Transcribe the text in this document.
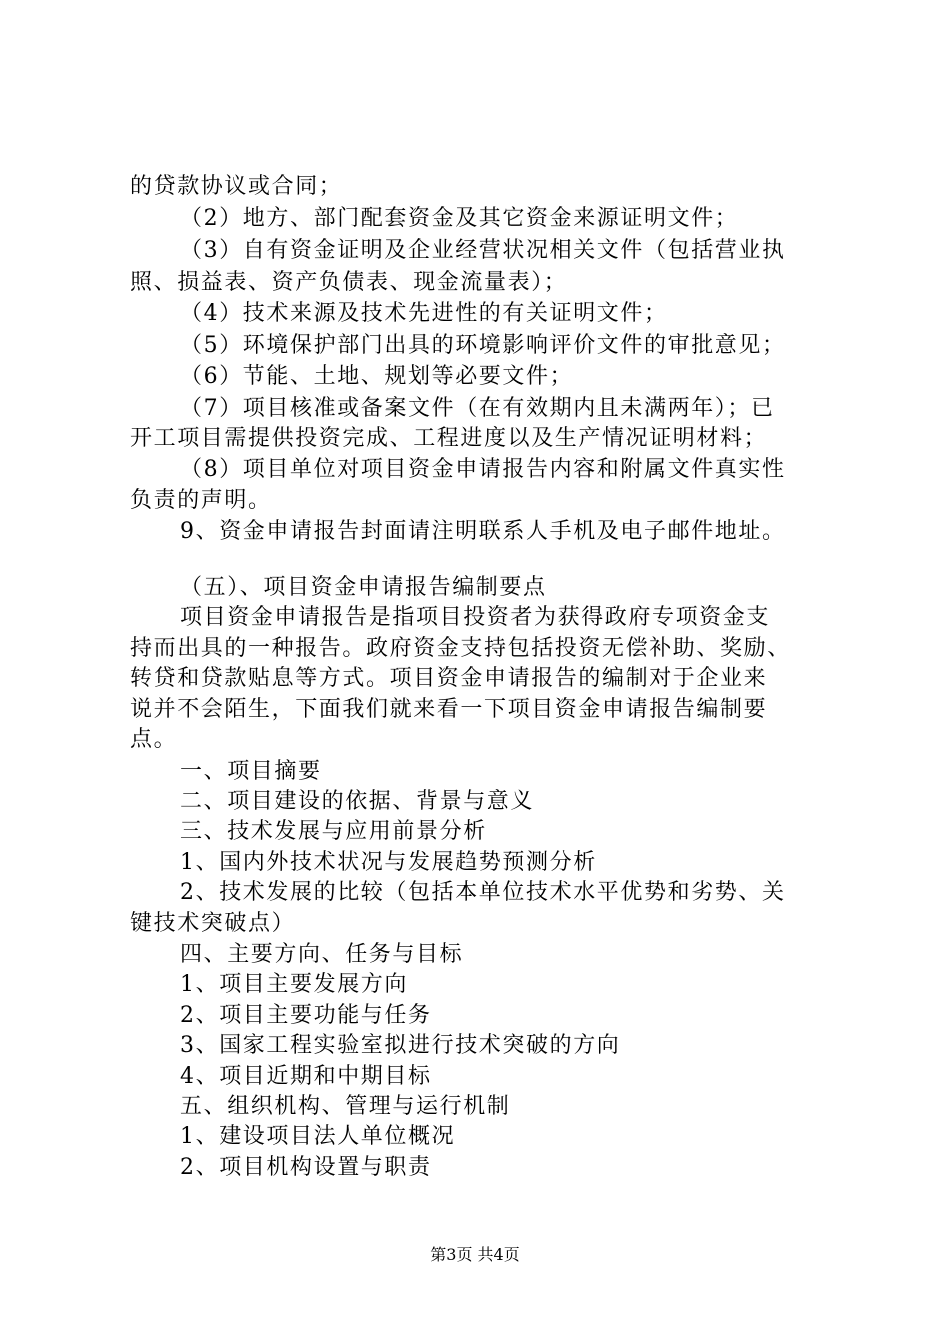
的贷款协议或合同；
（2）地方、部门配套资金及其它资金来源证明文件；
（3）自有资金证明及企业经营状况相关文件（包括营业执
照、损益表、资产负债表、现金流量表）；
（4）技术来源及技术先进性的有关证明文件；
（5）环境保护部门出具的环境影响评价文件的审批意见；
（6）节能、土地、规划等必要文件；
（7）项目核准或备案文件（在有效期内且未满两年）；已
开工项目需提供投资完成、工程进度以及生产情况证明材料；
（8）项目单位对项目资金申请报告内容和附属文件真实性
负责的声明。
9、资金申请报告封面请注明联系人手机及电子邮件地址。
（五）、项目资金申请报告编制要点
项目资金申请报告是指项目投资者为获得政府专项资金支
持而出具的一种报告。政府资金支持包括投资无偿补助、奖励、
转贷和贷款贴息等方式。项目资金申请报告的编制对于企业来
说并不会陌生，下面我们就来看一下项目资金申请报告编制要
点。
一、项目摘要
二、项目建设的依据、背景与意义
三、技术发展与应用前景分析
1、国内外技术状况与发展趋势预测分析
2、技术发展的比较（包括本单位技术水平优势和劣势、关
键技术突破点）
四、主要方向、任务与目标
1、项目主要发展方向
2、项目主要功能与任务
3、国家工程实验室拟进行技术突破的方向
4、项目近期和中期目标
五、组织机构、管理与运行机制
1、建设项目法人单位概况
2、项目机构设置与职责
第3页 共4页
